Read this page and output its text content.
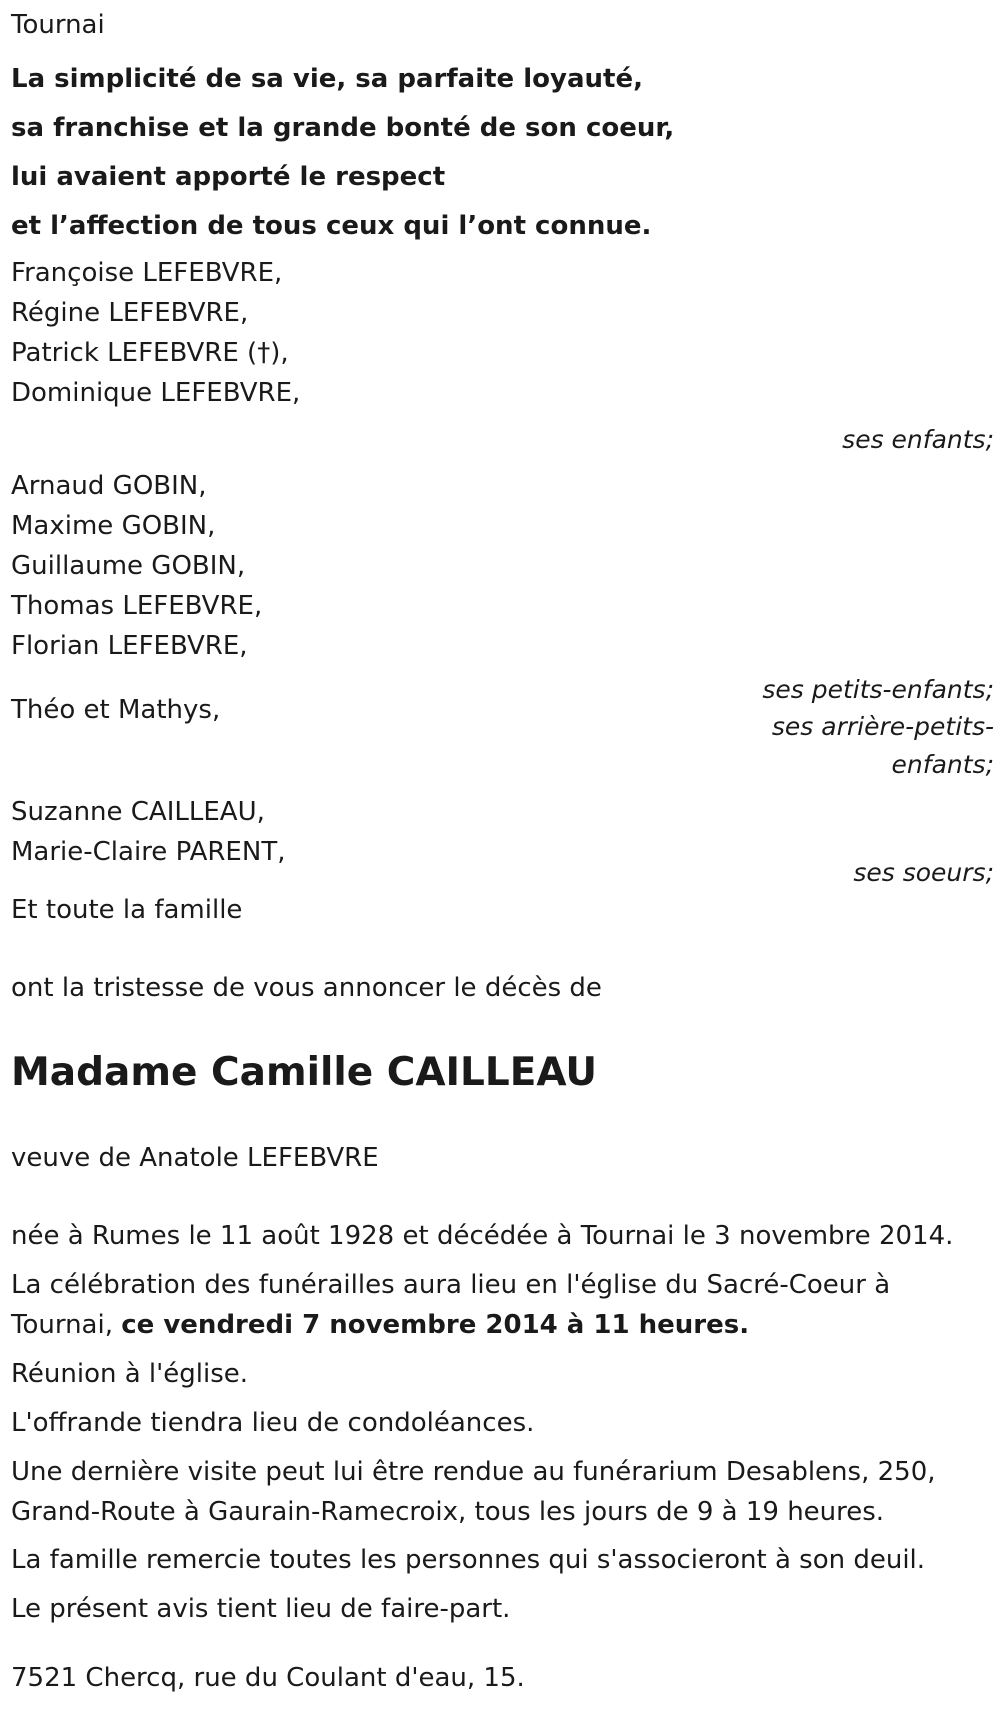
Tournai
La simplicité de sa vie, sa parfaite loyauté,
sa franchise et la grande bonté de son coeur,
lui avaient apporté le respect
et l’affection de tous ceux qui l’ont connue.
Françoise LEFEBVRE,
Régine LEFEBVRE,
Patrick LEFEBVRE (†),
Dominique LEFEBVRE,
ses enfants;
Arnaud GOBIN,
Maxime GOBIN,
Guillaume GOBIN,
Thomas LEFEBVRE,
Florian LEFEBVRE,
ses petits-enfants;
Théo et Mathys,
ses arrière-petits-enfants;
Suzanne CAILLEAU,
Marie-Claire PARENT,
ses soeurs;
Et toute la famille
ont la tristesse de vous annoncer le décès de
Madame Camille CAILLEAU
veuve de Anatole LEFEBVRE
née à Rumes le 11 août 1928 et décédée à Tournai le 3 novembre 2014.
La célébration des funérailles aura lieu en l'église du Sacré-Coeur à Tournai, ce vendredi 7 novembre 2014 à 11 heures.
Réunion à l'église.
L'offrande tiendra lieu de condoléances.
Une dernière visite peut lui être rendue au funérarium Desablens, 250, Grand-Route à Gaurain-Ramecroix, tous les jours de 9 à 19 heures.
La famille remercie toutes les personnes qui s'associeront à son deuil.
Le présent avis tient lieu de faire-part.
7521 Chercq, rue du Coulant d'eau, 15.
